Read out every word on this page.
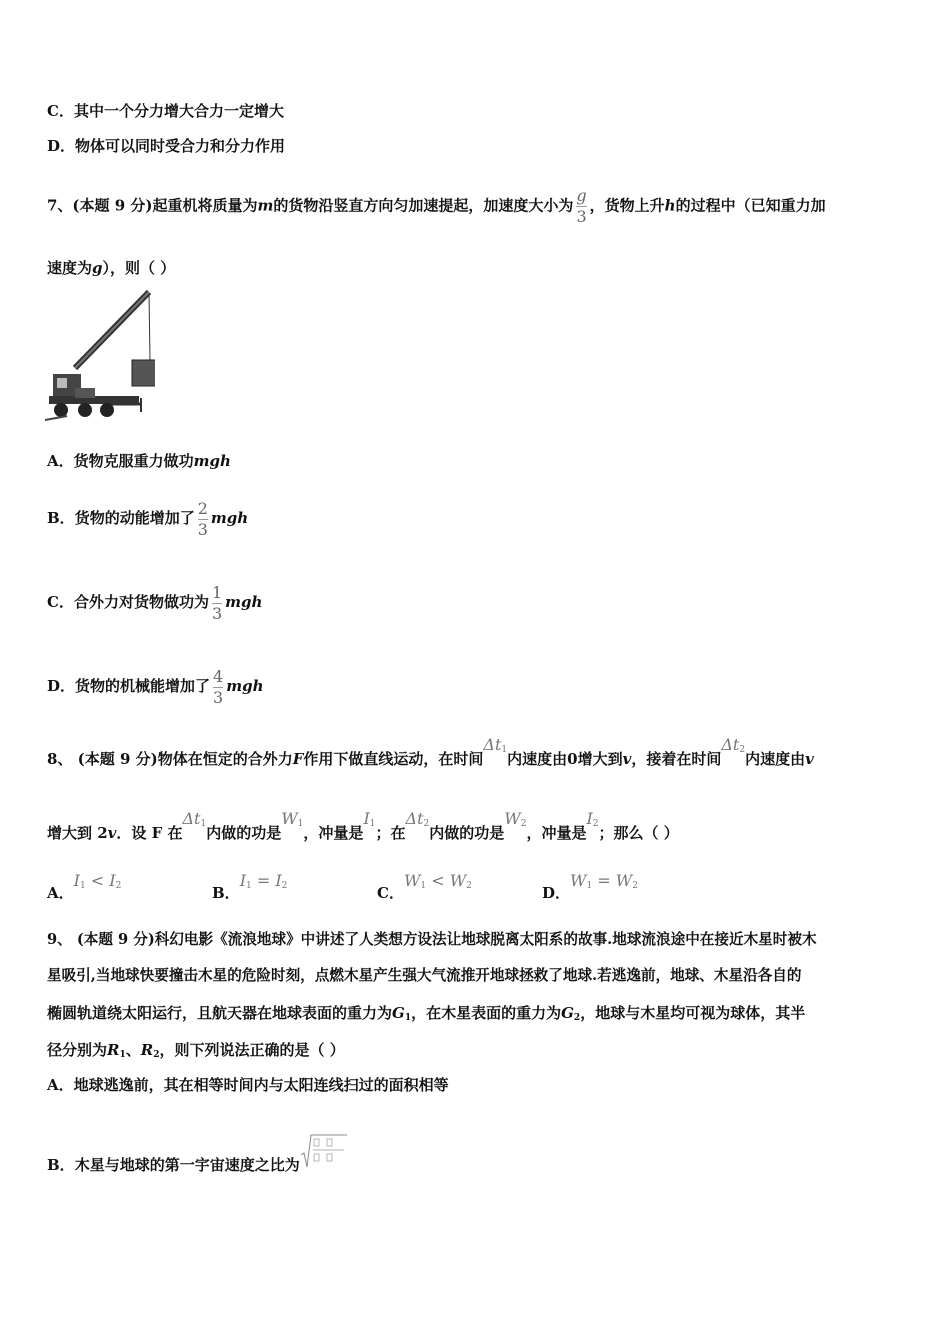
C．其中一个分力增大合力一定增大
D．物体可以同时受合力和分力作用
7、(本题 9 分)起重机将质量为m的货物沿竖直方向匀加速提起，加速度大小为 $\frac{g}{3}$ ，货物上升h的过程中（已知重力加
速度为g），则（ ）
A．货物克服重力做功mgh
B．货物的动能增加了 $\frac{2}{3}$ mgh
C．合外力对货物做功为 $\frac{1}{3}$ mgh
D．货物的机械能增加了 $\frac{4}{3}$ mgh
8、 (本题 9 分)物体在恒定的合外力F作用下做直线运动，在时间$\Delta t_1$内速度由0增大到v，接着在时间$\Delta t_2$内速度由v
增大到 2v．设 F 在$\Delta t_1$内做的功是$W_1$，冲量是$I_1$；在$\Delta t_2$内做的功是$W_2$，冲量是$I_2$；那么（ ）
A．$I_1 < I_2$	B．$I_1 = I_2$	C．$W_1 < W_2$	D．$W_1 = W_2$
9、 (本题 9 分)科幻电影《流浪地球》中讲述了人类想方设法让地球脱离太阳系的故事.地球流浪途中在接近木星时被木
星吸引,当地球快要撞击木星的危险时刻，点燃木星产生强大气流推开地球拯救了地球.若逃逸前，地球、木星沿各自的
椭圆轨道绕太阳运行，且航天器在地球表面的重力为$G_1$，在木星表面的重力为$G_2$，地球与木星均可视为球体，其半
径分别为$R_1$、$R_2$，则下列说法正确的是（ ）
A．地球逃逸前，其在相等时间内与太阳连线扫过的面积相等
B．木星与地球的第一宇宙速度之比为
